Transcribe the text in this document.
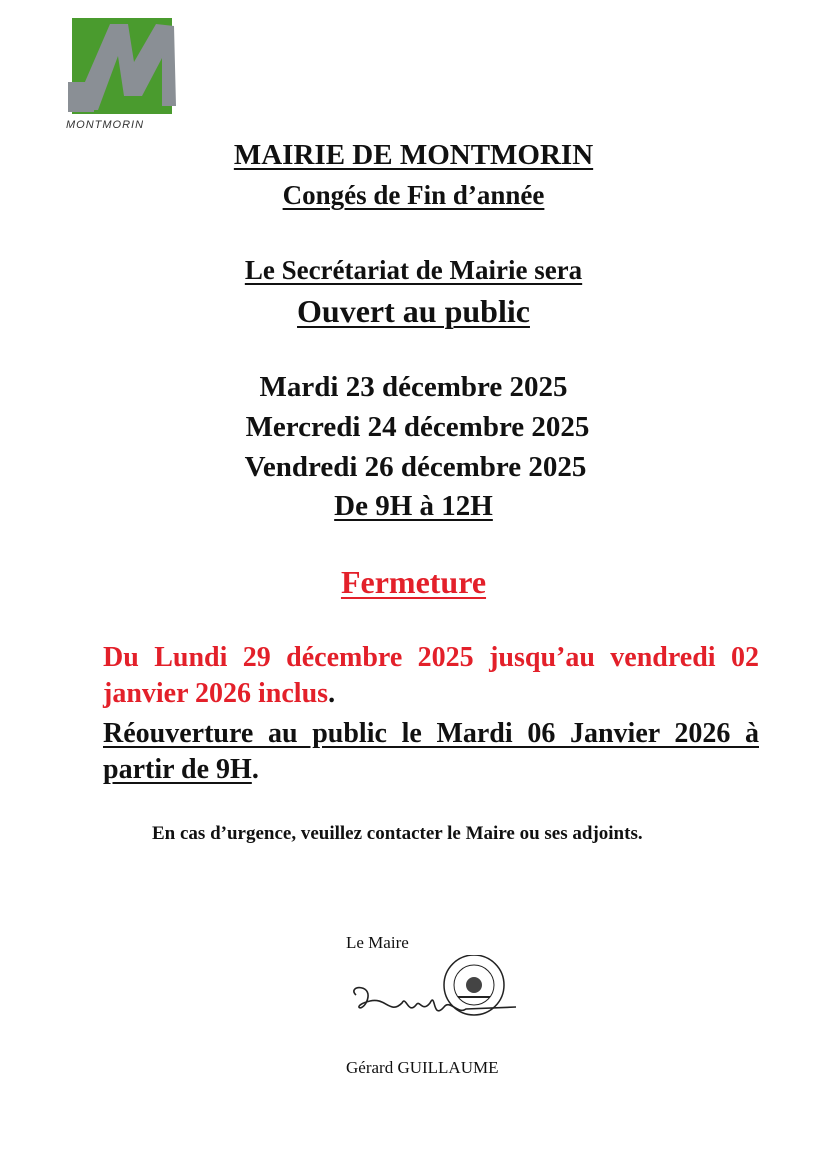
MONTMORIN
MAIRIE DE MONTMORIN
Congés de Fin d’année
Le Secrétariat de Mairie sera
Ouvert au public
Mardi 23 décembre 2025
Mercredi 24 décembre 2025
Vendredi 26 décembre 2025
De 9H à 12H
Fermeture
Du Lundi 29 décembre 2025 jusqu’au vendredi 02 janvier 2026 inclus.
Réouverture au public le Mardi 06 Janvier 2026 à partir de 9H.
En cas d’urgence, veuillez contacter le Maire ou ses adjoints.
Le Maire
Gérard GUILLAUME
